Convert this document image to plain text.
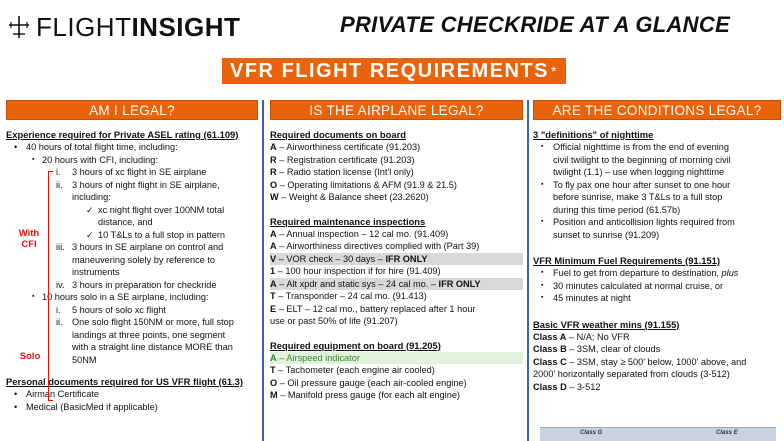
FLIGHT INSIGHT	PRIVATE CHECKRIDE AT A GLANCE
VFR FLIGHT REQUIREMENTS *
AM I LEGAL?
Experience required for Private ASEL rating (61.109)
• 40 hours of total flight time, including:
▪ 20 hours with CFI, including:
i. 3 hours of xc flight in SE airplane
ii. 3 hours of night flight in SE airplane,
including:
✓ xc night flight over 100NM total
distance, and
✓ 10 T&Ls to a full stop in pattern
iii. 3 hours in SE airplane on control and
maneuvering solely by reference to
instruments
iv. 3 hours in preparation for checkride
▪ 10 hours solo in a SE airplane, including:
i. 5 hours of solo xc flight
ii. One solo flight 150NM or more, full stop
landings at three points, one segment
with a straight line distance MORE than
50NM
Personal documents required for US VFR flight (61.3)
• Airman Certificate
• Medical (BasicMed if applicable)
With
CFI
Solo
IS THE AIRPLANE LEGAL?
Required documents on board
A – Airworthiness certificate (91.203)
R – Registration certificate (91.203)
R – Radio station license (Int'l only)
O – Operating limitations & AFM (91.9 & 21.5)
W – Weight & Balance sheet (23.2620)
Required maintenance inspections
A – Annual inspection – 12 cal mo. (91.409)
A – Airworthiness directives complied with (Part 39)
V – VOR check – 30 days – IFR ONLY
1 – 100 hour inspection if for hire (91.409)
A – Alt xpdr and static sys – 24 cal mo. – IFR ONLY
T – Transponder – 24 cal mo. (91.413)
E – ELT – 12 cal mo., battery replaced after 1 hour
use or past 50% of life (91.207)
Required equipment on board (91.205)
A – Airspeed indicator
T – Tachometer (each engine air cooled)
O – Oil pressure gauge (each air-cooled engine)
M – Manifold press gauge (for each alt engine)
ARE THE CONDITIONS LEGAL?
3 "definitions" of nighttime
▪ Official nighttime is from the end of evening
civil twilight to the beginning of morning civil
twilight (1.1) – use when logging nighttime
▪ To fly pax one hour after sunset to one hour
before sunrise, make 3 T&Ls to a full stop
during this time period (61.57b)
▪ Position and anticollision lights required from
sunset to sunrise (91.209)
VFR Minimum Fuel Requirements (91.151)
▪ Fuel to get from departure to destination, plus
▪ 30 minutes calculated at normal cruise, or
▪ 45 minutes at night
Basic VFR weather mins (91.155)
Class A – N/A; No VFR
Class B – 3SM, clear of clouds
Class C – 3SM, stay ≥ 500' below, 1000' above, and
2000' horizontally separated from clouds (3-512)
Class D – 3-512
Class G	Class E
